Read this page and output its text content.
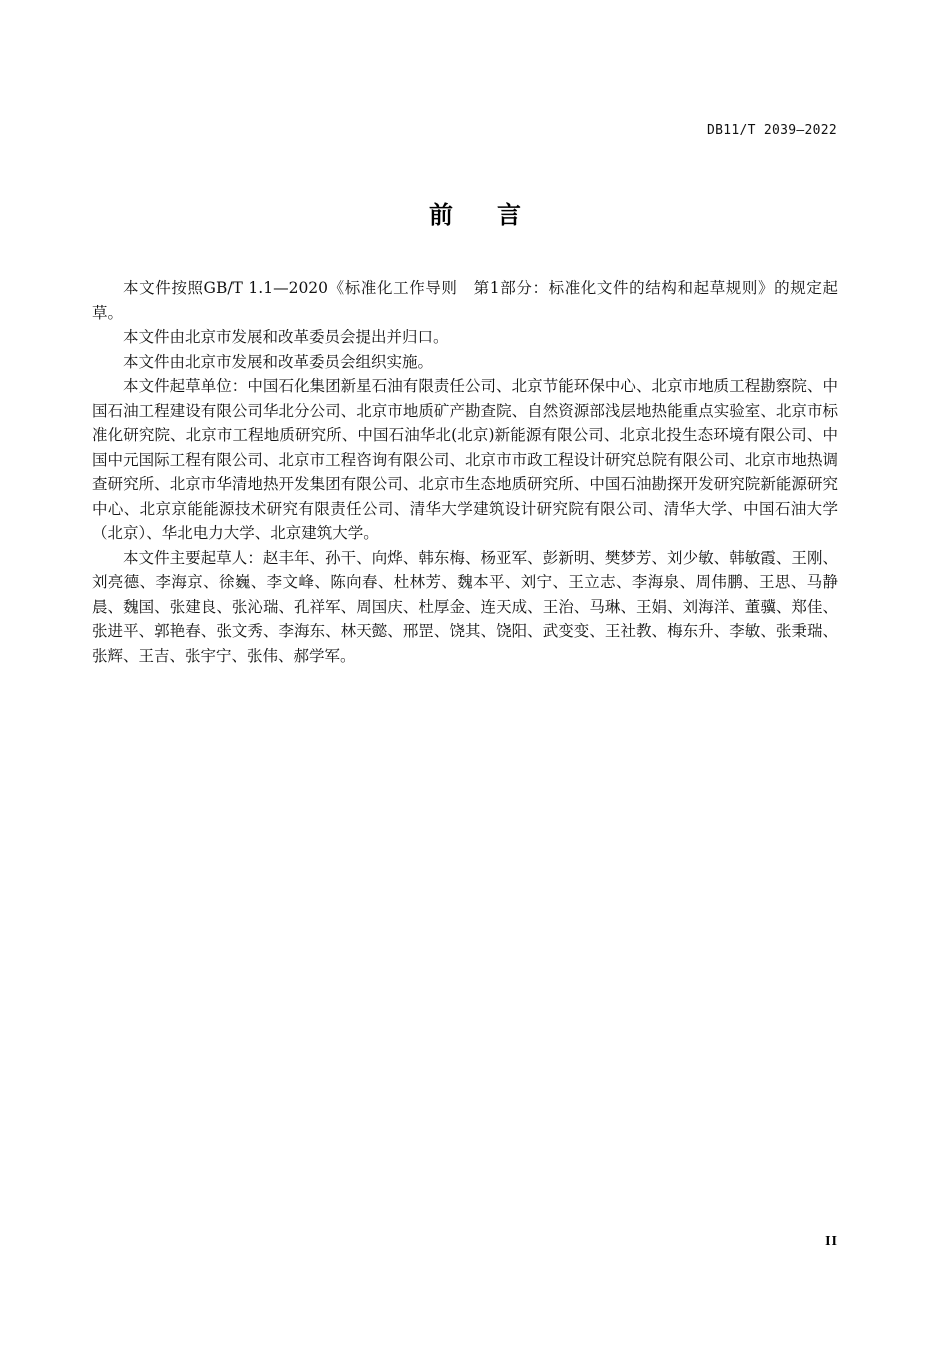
DB11/T 2039—2022
前言

本文件按照GB/T 1.1—2020《标准化工作导则　第1部分：标准化文件的结构和起草规则》的规定起草。

本文件由北京市发展和改革委员会提出并归口。

本文件由北京市发展和改革委员会组织实施。

本文件起草单位：中国石化集团新星石油有限责任公司、北京节能环保中心、北京市地质工程勘察院、中国石油工程建设有限公司华北分公司、北京市地质矿产勘查院、自然资源部浅层地热能重点实验室、北京市标准化研究院、北京市工程地质研究所、中国石油华北(北京)新能源有限公司、北京北投生态环境有限公司、中国中元国际工程有限公司、北京市工程咨询有限公司、北京市市政工程设计研究总院有限公司、北京市地热调查研究所、北京市华清地热开发集团有限公司、北京市生态地质研究所、中国石油勘探开发研究院新能源研究中心、北京京能能源技术研究有限责任公司、清华大学建筑设计研究院有限公司、清华大学、中国石油大学（北京）、华北电力大学、北京建筑大学。

本文件主要起草人：赵丰年、孙干、向烨、韩东梅、杨亚军、彭新明、樊梦芳、刘少敏、韩敏霞、王刚、刘亮德、李海京、徐巍、李文峰、陈向春、杜林芳、魏本平、刘宁、王立志、李海泉、周伟鹏、王思、马静晨、魏国、张建良、张沁瑞、孔祥军、周国庆、杜厚金、连天成、王治、马琳、王娟、刘海洋、董骥、郑佳、张进平、郭艳春、张文秀、李海东、林天懿、邢罡、饶其、饶阳、武变变、王社教、梅东升、李敏、张秉瑞、张辉、王吉、张宇宁、张伟、郝学军。

II
